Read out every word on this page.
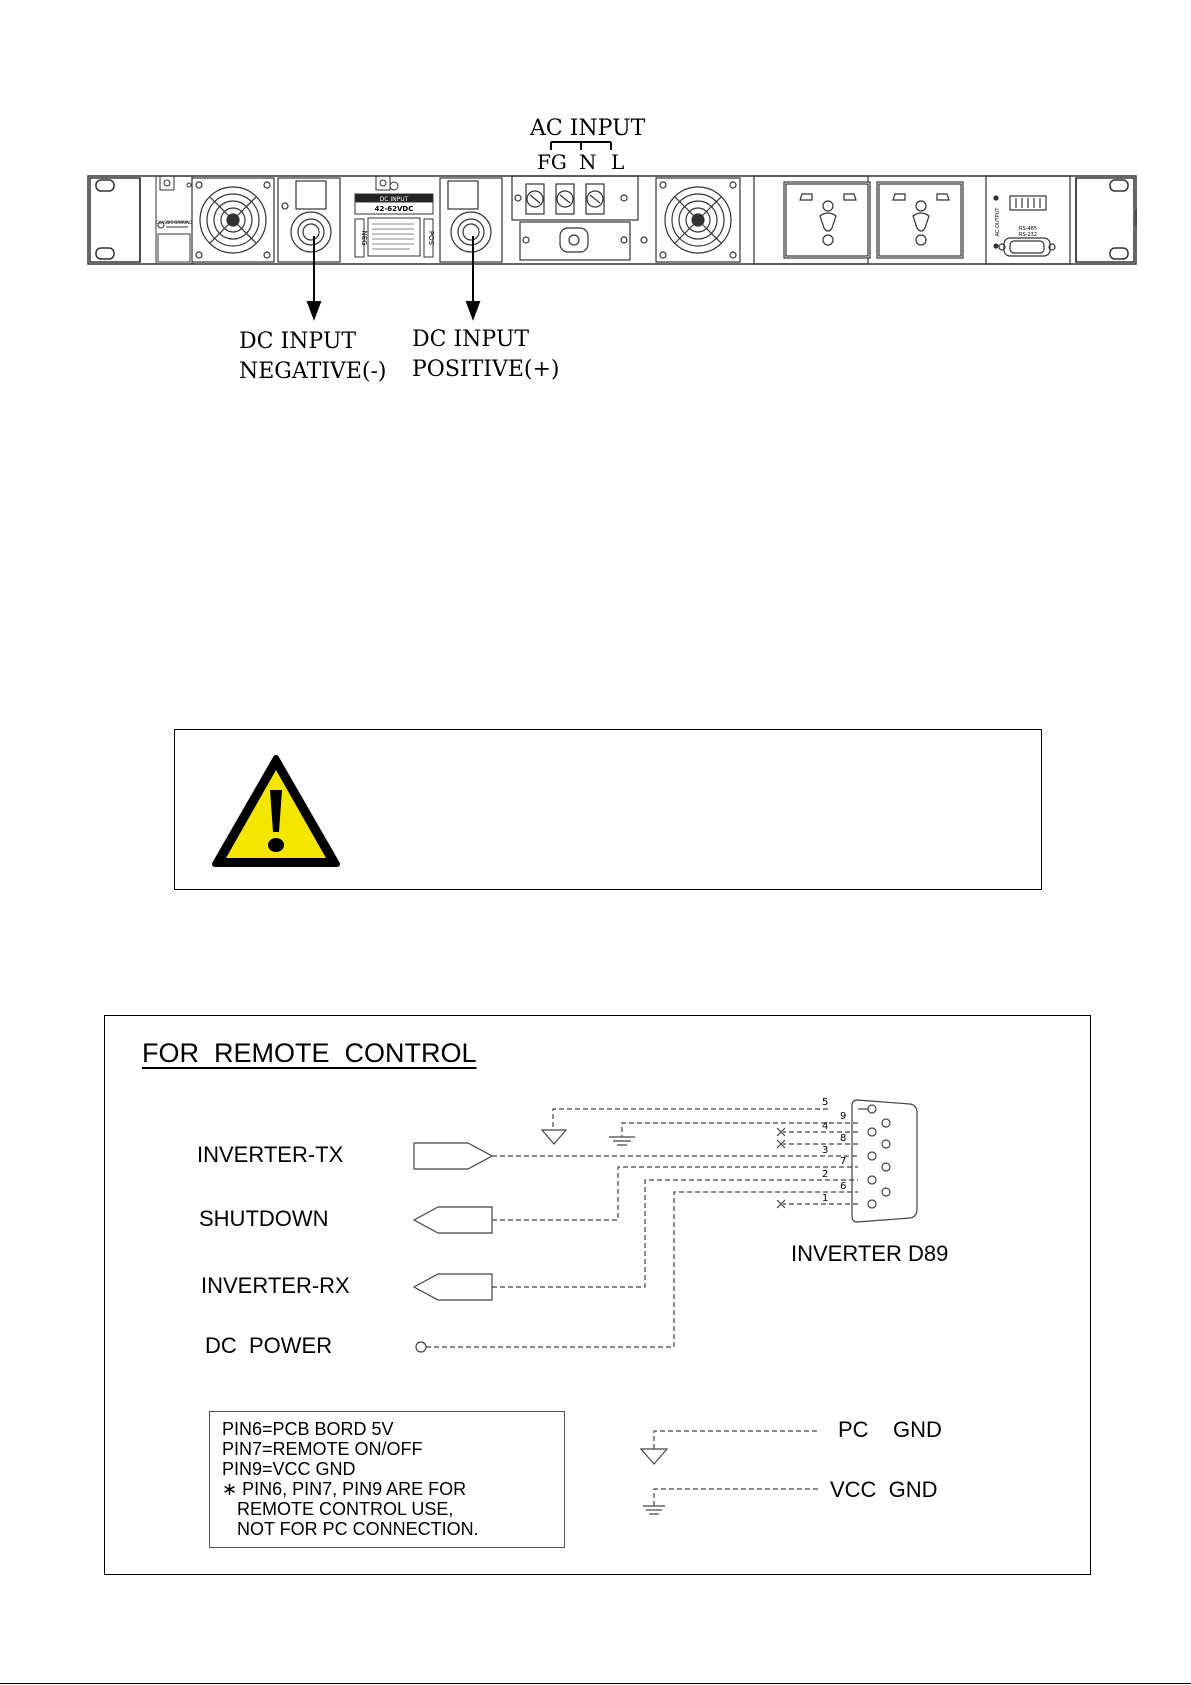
AC INPUT
FG N L
DC INPUT
42-62VDC
NEG	POS
RS-485
RS-232
AC OUTPUT
CHASSIS GROUND
DC INPUT
NEGATIVE(-)
DC INPUT
POSITIVE(+)
FOR  REMOTE  CONTROL
5
9
4
8
3
7
2
6
1
INVERTER-TX
SHUTDOWN
INVERTER-RX
DC  POWER
INVERTER D89
PC    GND
VCC  GND
PIN6=PCB BORD 5V
PIN7=REMOTE ON/OFF
PIN9=VCC GND
∗ PIN6, PIN7, PIN9 ARE FOR
REMOTE CONTROL USE,
NOT FOR PC CONNECTION.
